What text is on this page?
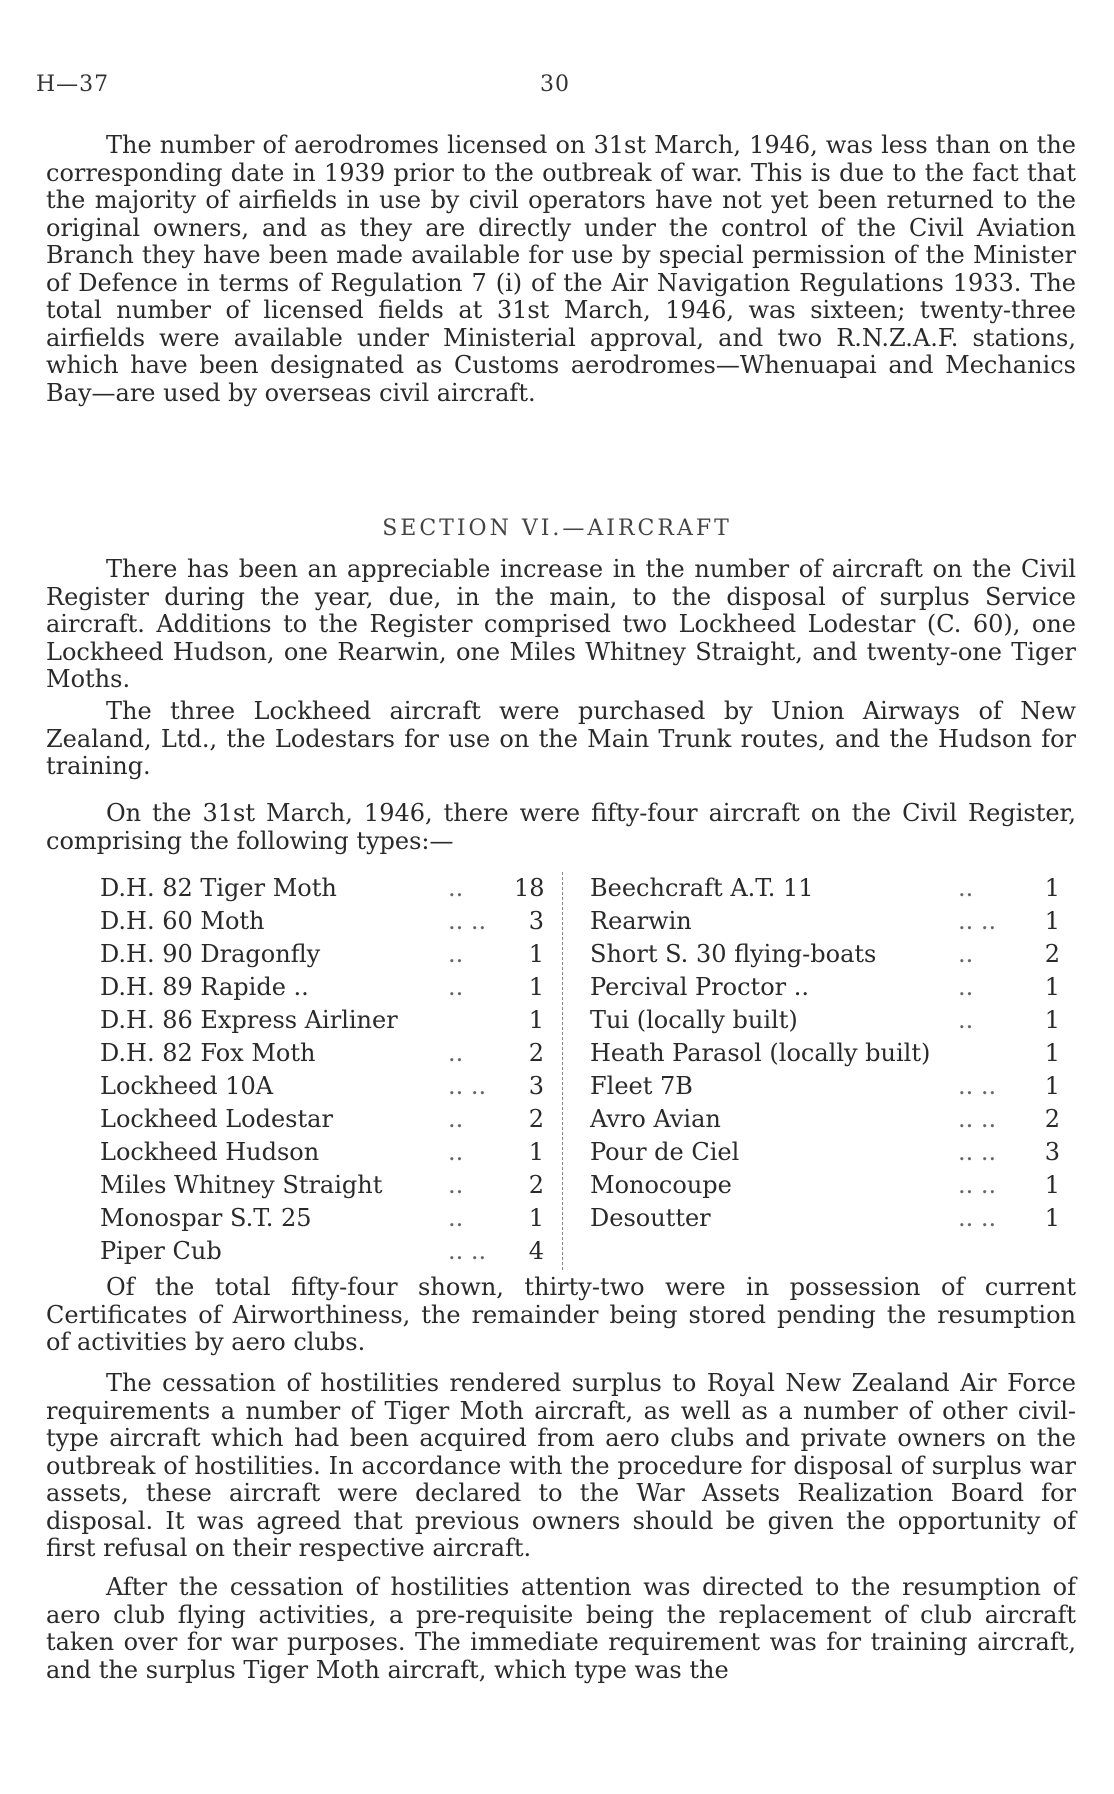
H—37	30

The number of aerodromes licensed on 31st March, 1946, was less than on the corresponding date in 1939 prior to the outbreak of war. This is due to the fact that the majority of airfields in use by civil operators have not yet been returned to the original owners, and as they are directly under the control of the Civil Aviation Branch they have been made available for use by special permission of the Minister of Defence in terms of Regulation 7 (i) of the Air Navigation Regulations 1933. The total number of licensed fields at 31st March, 1946, was sixteen; twenty-three airfields were available under Ministerial approval, and two R.N.Z.A.F. stations, which have been designated as Customs aerodromes—Whenuapai and Mechanics Bay—are used by overseas civil aircraft.

SECTION VI.—AIRCRAFT

There has been an appreciable increase in the number of aircraft on the Civil Register during the year, due, in the main, to the disposal of surplus Service aircraft. Additions to the Register comprised two Lockheed Lodestar (C. 60), one Lockheed Hudson, one Rearwin, one Miles Whitney Straight, and twenty-one Tiger Moths.

The three Lockheed aircraft were purchased by Union Airways of New Zealand, Ltd., the Lodestars for use on the Main Trunk routes, and the Hudson for training.

On the 31st March, 1946, there were fifty-four aircraft on the Civil Register, comprising the following types:—

D.H. 82 Tiger Moth	.. 18
D.H. 60 Moth	.. ..	3
D.H. 90 Dragonfly	..	1
D.H. 89 Rapide ..	..	1
D.H. 86 Express Airliner	1
D.H. 82 Fox Moth	..	2
Lockheed 10A	.. ..	3
Lockheed Lodestar	..	2
Lockheed Hudson	..	1
Miles Whitney Straight	..	2
Monospar S.T. 25	..	1
Piper Cub	.. ..	4
Beechcraft A.T. 11	..	1
Rearwin	.. ..	1
Short S. 30 flying-boats	..	2
Percival Proctor ..	..	1
Tui (locally built)	..	1
Heath Parasol (locally built)	1
Fleet 7B	.. ..	1
Avro Avian	.. ..	2
Pour de Ciel	.. ..	3
Monocoupe	.. ..	1
Desoutter	.. ..	1

Of the total fifty-four shown, thirty-two were in possession of current Certificates of Airworthiness, the remainder being stored pending the resumption of activities by aero clubs.

The cessation of hostilities rendered surplus to Royal New Zealand Air Force requirements a number of Tiger Moth aircraft, as well as a number of other civil-type aircraft which had been acquired from aero clubs and private owners on the outbreak of hostilities. In accordance with the procedure for disposal of surplus war assets, these aircraft were declared to the War Assets Realization Board for disposal. It was agreed that previous owners should be given the opportunity of first refusal on their respective aircraft.

After the cessation of hostilities attention was directed to the resumption of aero club flying activities, a pre-requisite being the replacement of club aircraft taken over for war purposes. The immediate requirement was for training aircraft, and the surplus Tiger Moth aircraft, which type was the
